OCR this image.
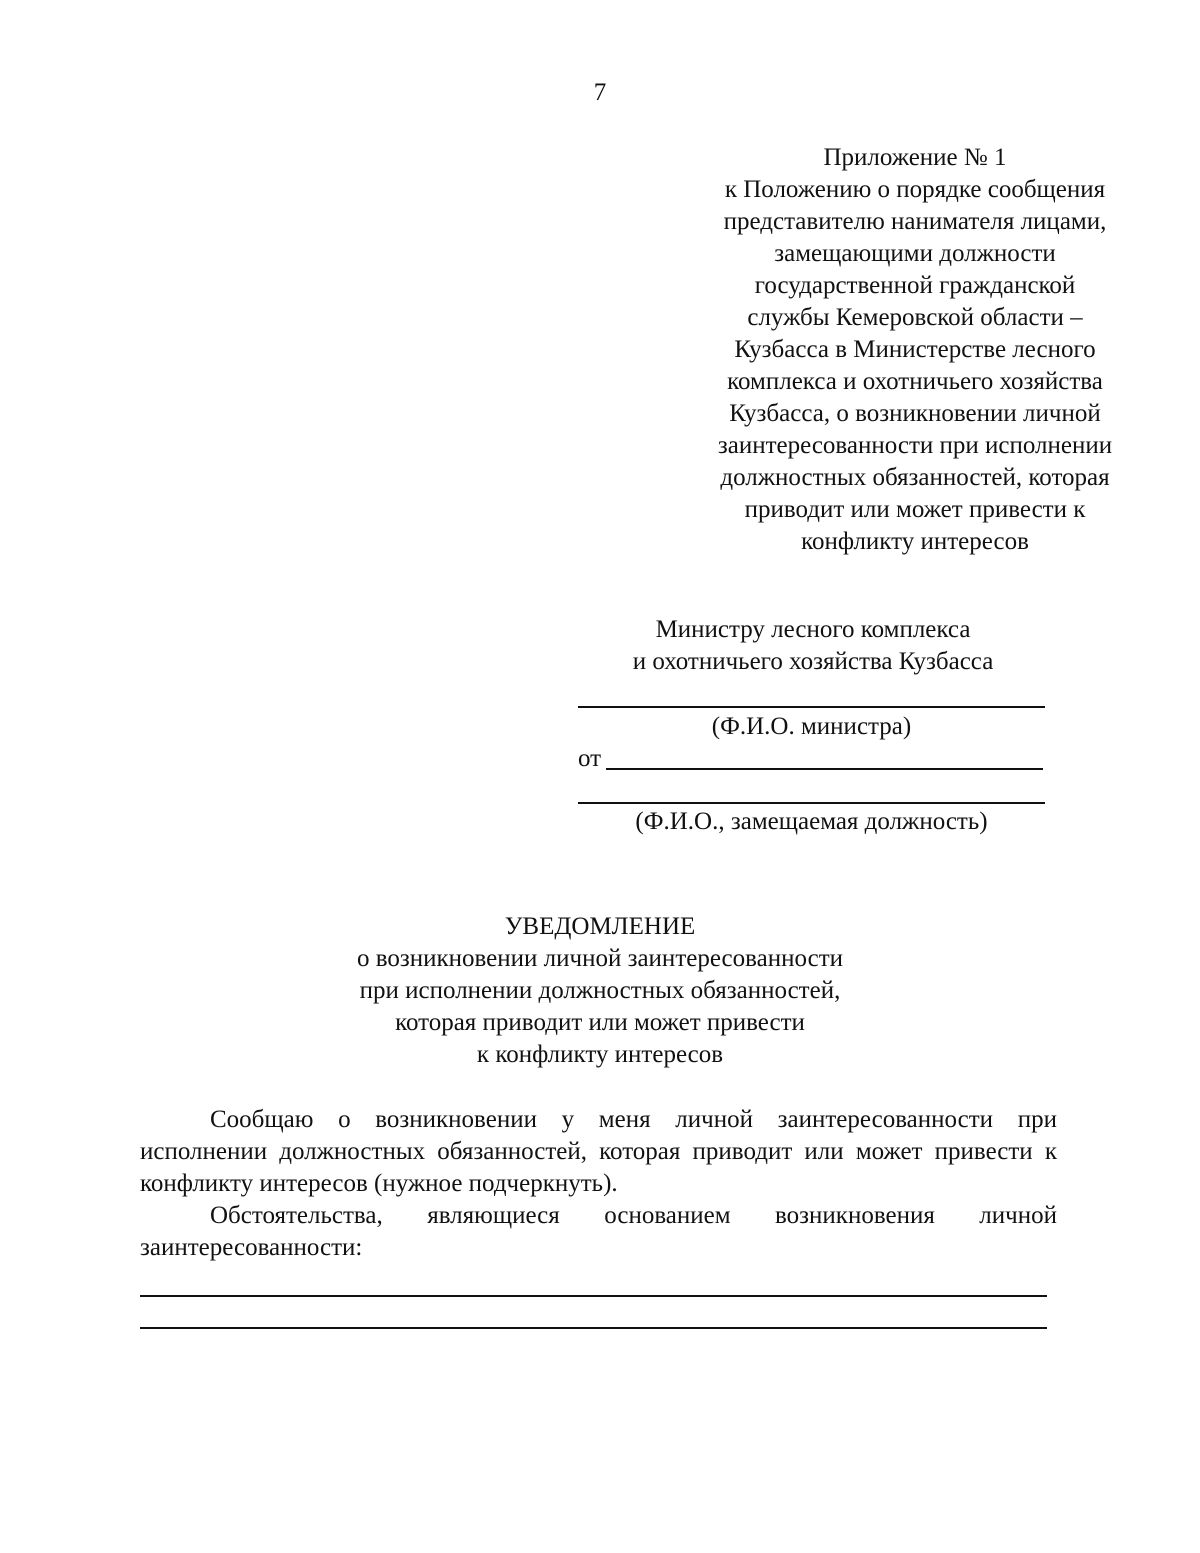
7
Приложение № 1
к Положению о порядке сообщения
представителю нанимателя лицами,
замещающими должности
государственной гражданской
службы Кемеровской области –
Кузбасса в Министерстве лесного
комплекса и охотничьего хозяйства
Кузбасса, о возникновении личной
заинтересованности при исполнении
должностных обязанностей, которая
приводит или может привести к
конфликту интересов
Министру лесного комплекса
и охотничьего хозяйства Кузбасса
(Ф.И.О. министра)
от
(Ф.И.О., замещаемая должность)
УВЕДОМЛЕНИЕ
о возникновении личной заинтересованности
при исполнении должностных обязанностей,
которая приводит или может привести
к конфликту интересов

Сообщаю о возникновении у меня личной заинтересованности при исполнении должностных обязанностей, которая приводит или может привести к конфликту интересов (нужное подчеркнуть).

Обстоятельства, являющиеся основанием возникновения личной заинтересованности:
